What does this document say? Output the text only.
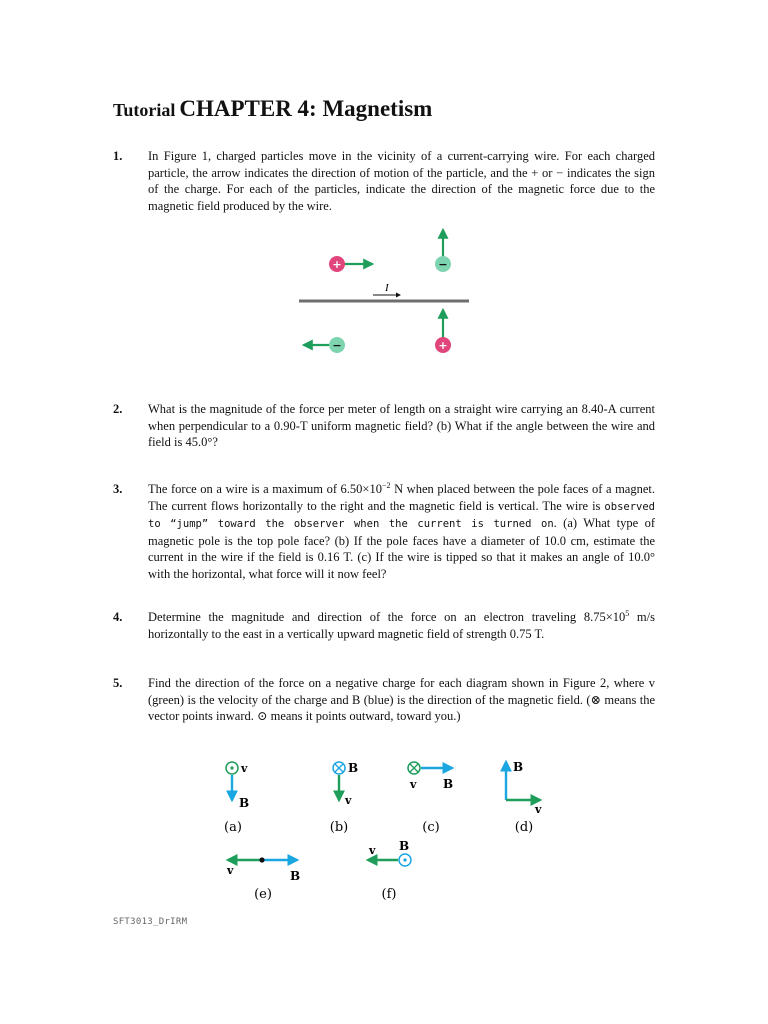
Tutorial CHAPTER 4: Magnetism
1. In Figure 1, charged particles move in the vicinity of a current-carrying wire. For each charged particle, the arrow indicates the direction of motion of the particle, and the + or − indicates the sign of the charge. For each of the particles, indicate the direction of the magnetic force due to the magnetic field produced by the wire.
2. What is the magnitude of the force per meter of length on a straight wire carrying an 8.40-A current when perpendicular to a 0.90-T uniform magnetic field? (b) What if the angle between the wire and field is 45.0°?
3. The force on a wire is a maximum of $6.50\times 10^{-2}$ N when placed between the pole faces of a magnet. The current flows horizontally to the right and the magnetic field is vertical. The wire is observed to “jump” toward the observer when the current is turned on. (a) What type of magnetic pole is the top pole face? (b) If the pole faces have a diameter of 10.0 cm, estimate the current in the wire if the field is 0.16 T. (c) If the wire is tipped so that it makes an angle of 10.0° with the horizontal, what force will it now feel?
4. Determine the magnitude and direction of the force on an electron traveling $8.75\times 10^5$ m/s horizontally to the east in a vertically upward magnetic field of strength 0.75 T.
5. Find the direction of the force on a negative charge for each diagram shown in Figure 2, where v (green) is the velocity of the charge and B (blue) is the direction of the magnetic field. (⊗ means the vector points inward. ⊙ means it points outward, toward you.)
I
+	−
−	+
v
B
(a)
B
v
(b)
v B
(c)
B
v
(d)
v	B
(e)
B
v
(f)
SFT3013_DrIRM
